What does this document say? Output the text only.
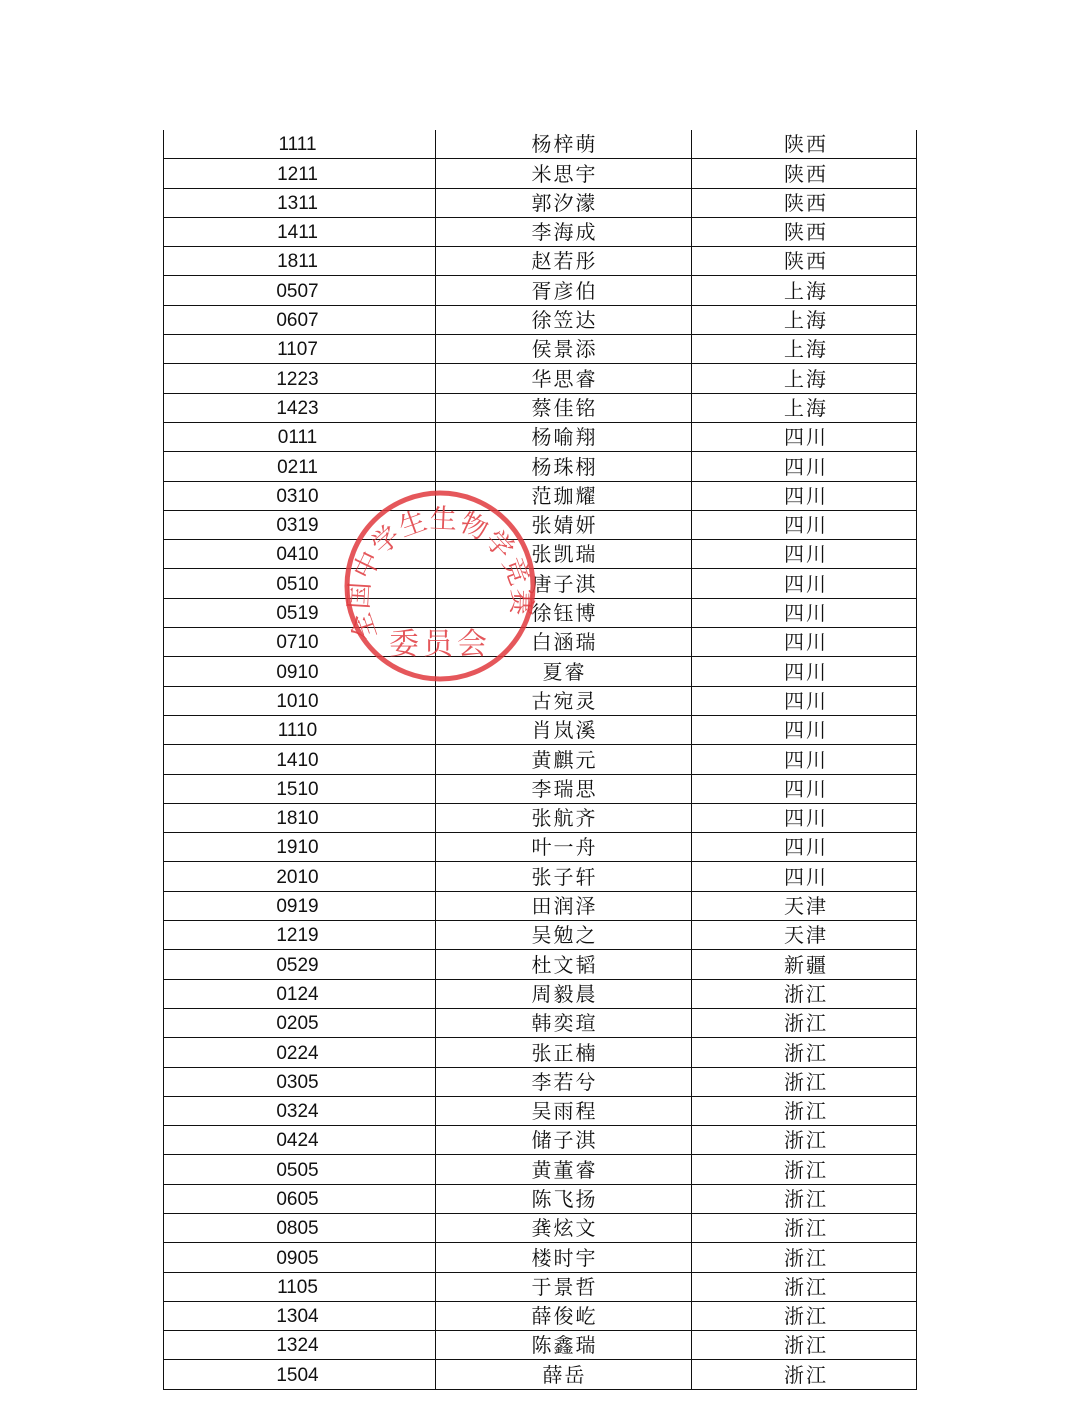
1111	杨梓萌	陕西
1211	米思宇	陕西
1311	郭汐濛	陕西
1411	李海成	陕西
1811	赵若彤	陕西
0507	胥彦伯	上海
0607	徐笠达	上海
1107	侯景添	上海
1223	华思睿	上海
1423	蔡佳铭	上海
0111	杨喻翔	四川
0211	杨珠栩	四川
0310	范珈耀	四川
0319	张婧妍	四川
0410	张凯瑞	四川
0510	唐子淇	四川
0519	徐钰博	四川
0710	白涵瑞	四川
0910	夏睿	四川
1010	古宛灵	四川
1110	肖岚溪	四川
1410	黄麒元	四川
1510	李瑞思	四川
1810	张航齐	四川
1910	叶一舟	四川
2010	张子轩	四川
0919	田润泽	天津
1219	吴勉之	天津
0529	杜文韬	新疆
0124	周毅晨	浙江
0205	韩奕瑄	浙江
0224	张正楠	浙江
0305	李若兮	浙江
0324	吴雨程	浙江
0424	储子淇	浙江
0505	黄董睿	浙江
0605	陈飞扬	浙江
0805	龚炫文	浙江
0905	楼时宇	浙江
1105	于景哲	浙江
1304	薛俊屹	浙江
1324	陈鑫瑞	浙江
1504	薛岳	浙江
全国中学生生物学竞赛
委员会
